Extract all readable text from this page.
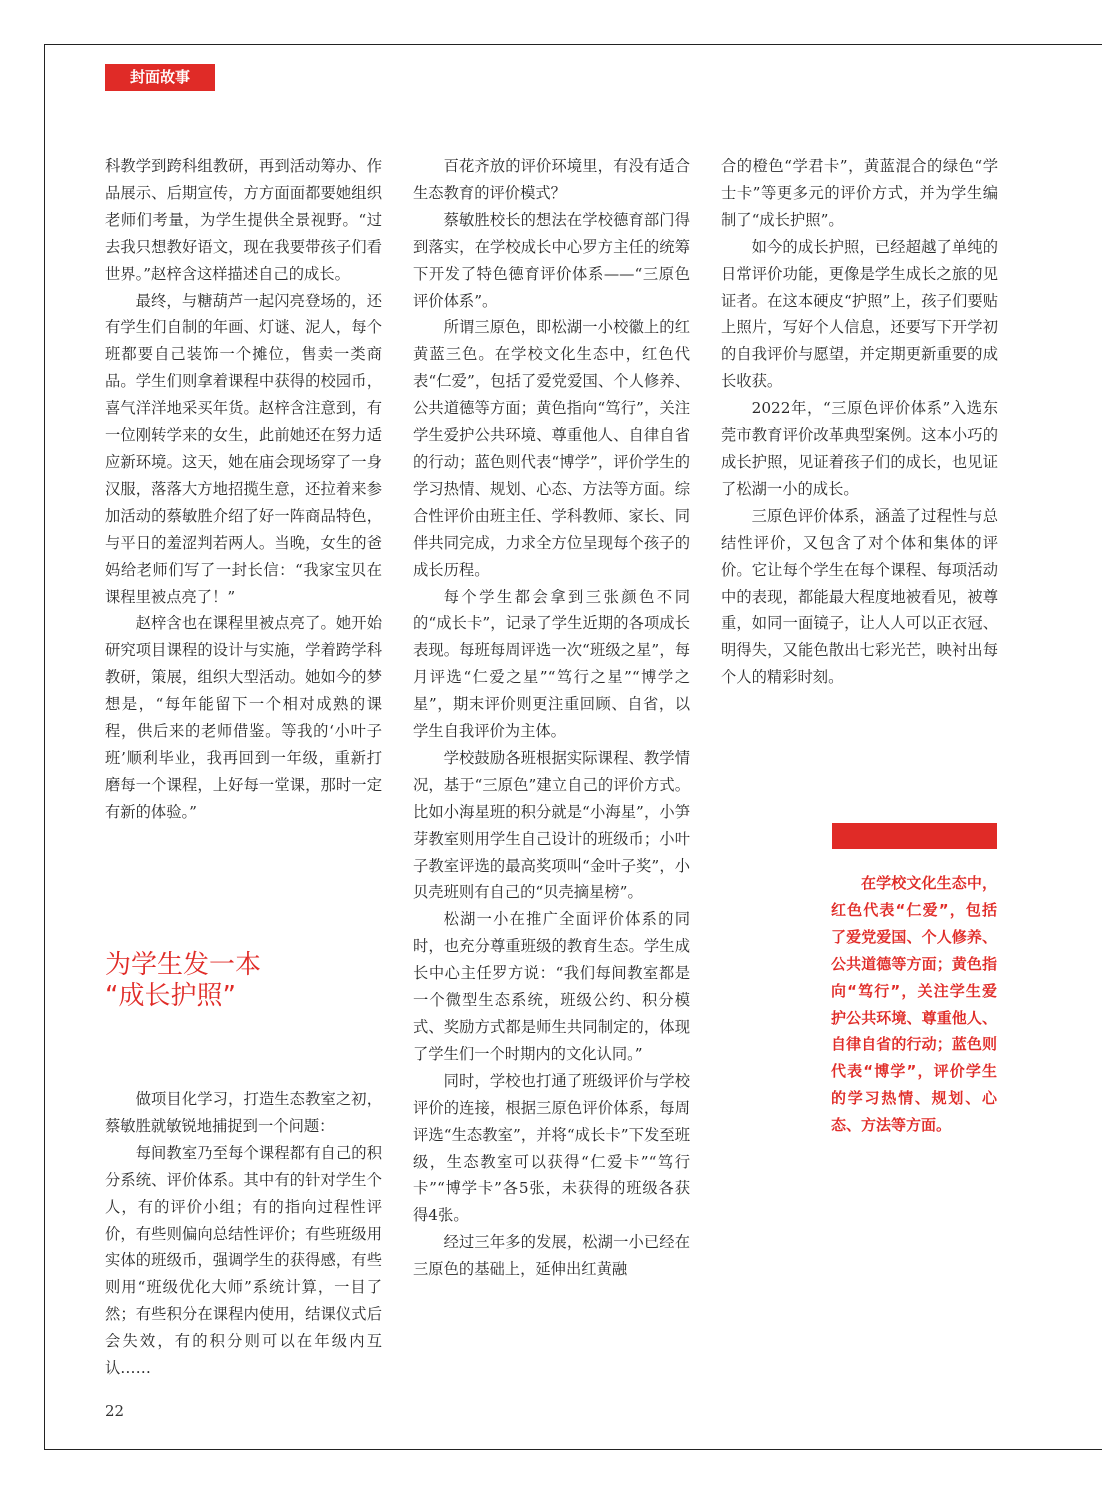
封面故事

科教学到跨科组教研，再到活动筹办、作品展示、后期宣传，方方面面都要她组织老师们考量，为学生提供全景视野。“过去我只想教好语文，现在我要带孩子们看世界。”赵梓含这样描述自己的成长。

最终，与糖葫芦一起闪亮登场的，还有学生们自制的年画、灯谜、泥人，每个班都要自己装饰一个摊位，售卖一类商品。学生们则拿着课程中获得的校园币，喜气洋洋地采买年货。赵梓含注意到，有一位刚转学来的女生，此前她还在努力适应新环境。这天，她在庙会现场穿了一身汉服，落落大方地招揽生意，还拉着来参加活动的蔡敏胜介绍了好一阵商品特色，与平日的羞涩判若两人。当晚，女生的爸妈给老师们写了一封长信：“我家宝贝在课程里被点亮了！”

赵梓含也在课程里被点亮了。她开始研究项目课程的设计与实施，学着跨学科教研，策展，组织大型活动。她如今的梦想是，“每年能留下一个相对成熟的课程，供后来的老师借鉴。等我的‘小叶子班’顺利毕业，我再回到一年级，重新打磨每一个课程，上好每一堂课，那时一定有新的体验。”

为学生发一本
“成长护照”

做项目化学习，打造生态教室之初，蔡敏胜就敏锐地捕捉到一个问题：

每间教室乃至每个课程都有自己的积分系统、评价体系。其中有的针对学生个人，有的评价小组；有的指向过程性评价，有些则偏向总结性评价；有些班级用实体的班级币，强调学生的获得感，有些则用“班级优化大师”系统计算，一目了然；有些积分在课程内使用，结课仪式后会失效，有的积分则可以在年级内互认……

百花齐放的评价环境里，有没有适合生态教育的评价模式？

蔡敏胜校长的想法在学校德育部门得到落实，在学校成长中心罗方主任的统筹下开发了特色德育评价体系——“三原色评价体系”。

所谓三原色，即松湖一小校徽上的红黄蓝三色。在学校文化生态中，红色代表“仁爱”，包括了爱党爱国、个人修养、公共道德等方面；黄色指向“笃行”，关注学生爱护公共环境、尊重他人、自律自省的行动；蓝色则代表“博学”，评价学生的学习热情、规划、心态、方法等方面。综合性评价由班主任、学科教师、家长、同伴共同完成，力求全方位呈现每个孩子的成长历程。

每个学生都会拿到三张颜色不同的“成长卡”，记录了学生近期的各项成长表现。每班每周评选一次“班级之星”，每月评选“仁爱之星”“笃行之星”“博学之星”，期末评价则更注重回顾、自省，以学生自我评价为主体。

学校鼓励各班根据实际课程、教学情况，基于“三原色”建立自己的评价方式。比如小海星班的积分就是“小海星”，小笋芽教室则用学生自己设计的班级币；小叶子教室评选的最高奖项叫“金叶子奖”，小贝壳班则有自己的“贝壳摘星榜”。

松湖一小在推广全面评价体系的同时，也充分尊重班级的教育生态。学生成长中心主任罗方说：“我们每间教室都是一个微型生态系统，班级公约、积分模式、奖励方式都是师生共同制定的，体现了学生们一个时期内的文化认同。”

同时，学校也打通了班级评价与学校评价的连接，根据三原色评价体系，每周评选“生态教室”，并将“成长卡”下发至班级，生态教室可以获得“仁爱卡”“笃行卡”“博学卡”各5张，未获得的班级各获得4张。

经过三年多的发展，松湖一小已经在三原色的基础上，延伸出红黄融

合的橙色“学君卡”，黄蓝混合的绿色“学士卡”等更多元的评价方式，并为学生编制了“成长护照”。

如今的成长护照，已经超越了单纯的日常评价功能，更像是学生成长之旅的见证者。在这本硬皮“护照”上，孩子们要贴上照片，写好个人信息，还要写下开学初的自我评价与愿望，并定期更新重要的成长收获。

2022年，“三原色评价体系”入选东莞市教育评价改革典型案例。这本小巧的成长护照，见证着孩子们的成长，也见证了松湖一小的成长。

三原色评价体系，涵盖了过程性与总结性评价，又包含了对个体和集体的评价。它让每个学生在每个课程、每项活动中的表现，都能最大程度地被看见，被尊重，如同一面镜子，让人人可以正衣冠、明得失，又能色散出七彩光芒，映衬出每个人的精彩时刻。

在学校文化生态中，红色代表“仁爱”，包括了爱党爱国、个人修养、公共道德等方面；黄色指向“笃行”，关注学生爱护公共环境、尊重他人、自律自省的行动；蓝色则代表“博学”，评价学生的学习热情、规划、心态、方法等方面。
22
